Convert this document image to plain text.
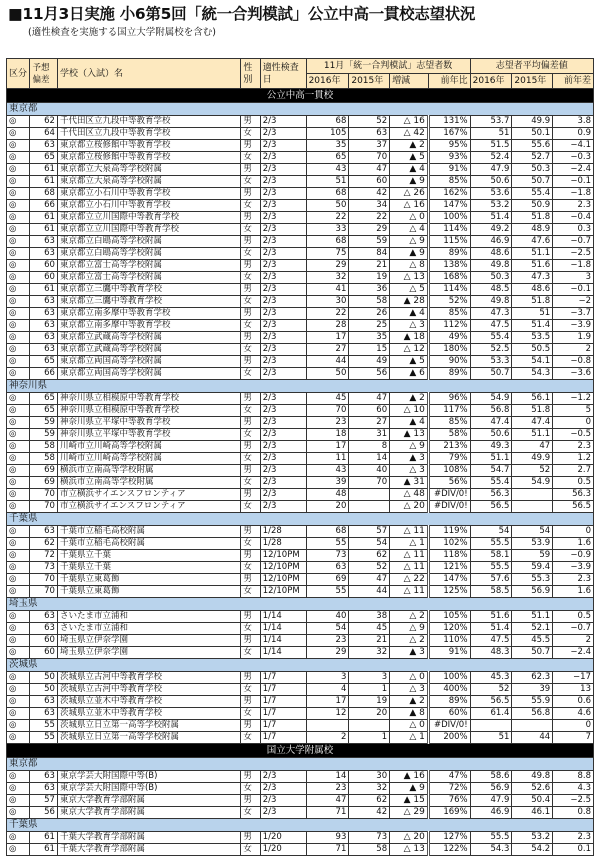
■11月3日実施 小6第5回「統一合判模試」公立中高一貫校志望状況
(適性検査を実施する国立大学附属校を含む)
区分	予想偏差	学校（入試）名	性別	適性検査日	11月「統一合判模試」志望者数				志望者平均偏差値		
					2016年	2015年	増減	前年比	2016年	2015年	前年差
公立中高一貫校											
東京都											
◎	62	千代田区立九段中等教育学校	男	2/3	68	52	△ 16	131%	53.7	49.9	3.8
◎	64	千代田区立九段中等教育学校	女	2/3	105	63	△ 42	167%	51	50.1	0.9
◎	63	東京都立桜修館中等教育学校	男	2/3	35	37	▲ 2	95%	51.5	55.6	−4.1
◎	65	東京都立桜修館中等教育学校	女	2/3	65	70	▲ 5	93%	52.4	52.7	−0.3
◎	61	東京都立大泉高等学校附属	男	2/3	43	47	▲ 4	91%	47.9	50.3	−2.4
◎	61	東京都立大泉高等学校附属	女	2/3	51	60	▲ 9	85%	50.6	50.7	−0.1
◎	68	東京都立小石川中等教育学校	男	2/3	68	42	△ 26	162%	53.6	55.4	−1.8
◎	66	東京都立小石川中等教育学校	女	2/3	50	34	△ 16	147%	53.2	50.9	2.3
◎	61	東京都立立川国際中等教育学校	男	2/3	22	22	△ 0	100%	51.4	51.8	−0.4
◎	61	東京都立立川国際中等教育学校	女	2/3	33	29	△ 4	114%	49.2	48.9	0.3
◎	63	東京都立白鴎高等学校附属	男	2/3	68	59	△ 9	115%	46.9	47.6	−0.7
◎	63	東京都立白鴎高等学校附属	女	2/3	75	84	▲ 9	89%	48.6	51.1	−2.5
◎	60	東京都立富士高等学校附属	男	2/3	29	21	△ 8	138%	49.8	51.6	−1.8
◎	60	東京都立富士高等学校附属	女	2/3	32	19	△ 13	168%	50.3	47.3	3
◎	61	東京都立三鷹中等教育学校	男	2/3	41	36	△ 5	114%	48.5	48.6	−0.1
◎	63	東京都立三鷹中等教育学校	女	2/3	30	58	▲ 28	52%	49.8	51.8	−2
◎	63	東京都立南多摩中等教育学校	男	2/3	22	26	▲ 4	85%	47.3	51	−3.7
◎	63	東京都立南多摩中等教育学校	女	2/3	28	25	△ 3	112%	47.5	51.4	−3.9
◎	63	東京都立武蔵高等学校附属	男	2/3	17	35	▲ 18	49%	55.4	53.5	1.9
◎	63	東京都立武蔵高等学校附属	女	2/3	27	15	△ 12	180%	52.5	50.5	2
◎	65	東京都立両国高等学校附属	男	2/3	44	49	▲ 5	90%	53.3	54.1	−0.8
◎	66	東京都立両国高等学校附属	女	2/3	50	56	▲ 6	89%	50.7	54.3	−3.6
神奈川県											
◎	65	神奈川県立相模原中等教育学校	男	2/3	45	47	▲ 2	96%	54.9	56.1	−1.2
◎	65	神奈川県立相模原中等教育学校	女	2/3	70	60	△ 10	117%	56.8	51.8	5
◎	59	神奈川県立平塚中等教育学校	男	2/3	23	27	▲ 4	85%	47.4	47.4	0
◎	59	神奈川県立平塚中等教育学校	女	2/3	18	31	▲ 13	58%	50.6	51.1	−0.5
◎	58	川崎市立川崎高等学校附属	男	2/3	17	8	△ 9	213%	49.3	47	2.3
◎	58	川崎市立川崎高等学校附属	女	2/3	11	14	▲ 3	79%	51.1	49.9	1.2
◎	69	横浜市立南高等学校附属	男	2/3	43	40	△ 3	108%	54.7	52	2.7
◎	69	横浜市立南高等学校附属	女	2/3	39	70	▲ 31	56%	55.4	54.9	0.5
◎	70	市立横浜サイエンスフロンティア	男	2/3	48		△ 48	#DIV/0!	56.3		56.3
◎	70	市立横浜サイエンスフロンティア	女	2/3	20		△ 20	#DIV/0!	56.5		56.5
千葉県											
◎	63	千葉市立稲毛高校附属	男	1/28	68	57	△ 11	119%	54	54	0
◎	62	千葉市立稲毛高校附属	女	1/28	55	54	△ 1	102%	55.5	53.9	1.6
◎	72	千葉県立千葉	男	12/10PM	73	62	△ 11	118%	58.1	59	−0.9
◎	73	千葉県立千葉	女	12/10PM	63	52	△ 11	121%	55.5	59.4	−3.9
◎	70	千葉県立東葛飾	男	12/10PM	69	47	△ 22	147%	57.6	55.3	2.3
◎	70	千葉県立東葛飾	女	12/10PM	55	44	△ 11	125%	58.5	56.9	1.6
埼玉県											
◎	63	さいたま市立浦和	男	1/14	40	38	△ 2	105%	51.6	51.1	0.5
◎	63	さいたま市立浦和	女	1/14	54	45	△ 9	120%	51.4	52.1	−0.7
◎	60	埼玉県立伊奈学園	男	1/14	23	21	△ 2	110%	47.5	45.5	2
◎	60	埼玉県立伊奈学園	女	1/14	29	32	▲ 3	91%	48.3	50.7	−2.4
茨城県											
◎	50	茨城県立古河中等教育学校	男	1/7	3	3	△ 0	100%	45.3	62.3	−17
◎	50	茨城県立古河中等教育学校	女	1/7	4	1	△ 3	400%	52	39	13
◎	63	茨城県立並木中等教育学校	男	1/7	17	19	▲ 2	89%	56.5	55.9	0.6
◎	63	茨城県立並木中等教育学校	女	1/7	12	20	▲ 8	60%	61.4	56.8	4.6
◎	55	茨城県立日立第一高等学校附属	男	1/7			△ 0	#DIV/0!			0
◎	55	茨城県立日立第一高等学校附属	女	1/7	2	1	△ 1	200%	51	44	7
国立大学附属校											
東京都											
◎	63	東京学芸大附国際中等(B)	男	2/3	14	30	▲ 16	47%	58.6	49.8	8.8
◎	63	東京学芸大附国際中等(B)	女	2/3	23	32	▲ 9	72%	56.9	52.6	4.3
◎	57	東京大学教育学部附属	男	2/3	47	62	▲ 15	76%	47.9	50.4	−2.5
◎	56	東京大学教育学部附属	女	2/3	71	42	△ 29	169%	46.9	46.1	0.8
千葉県											
◎	61	千葉大学教育学部附属	男	1/20	93	73	△ 20	127%	55.5	53.2	2.3
◎	61	千葉大学教育学部附属	女	1/20	71	58	△ 13	122%	54.3	54.2	0.1
